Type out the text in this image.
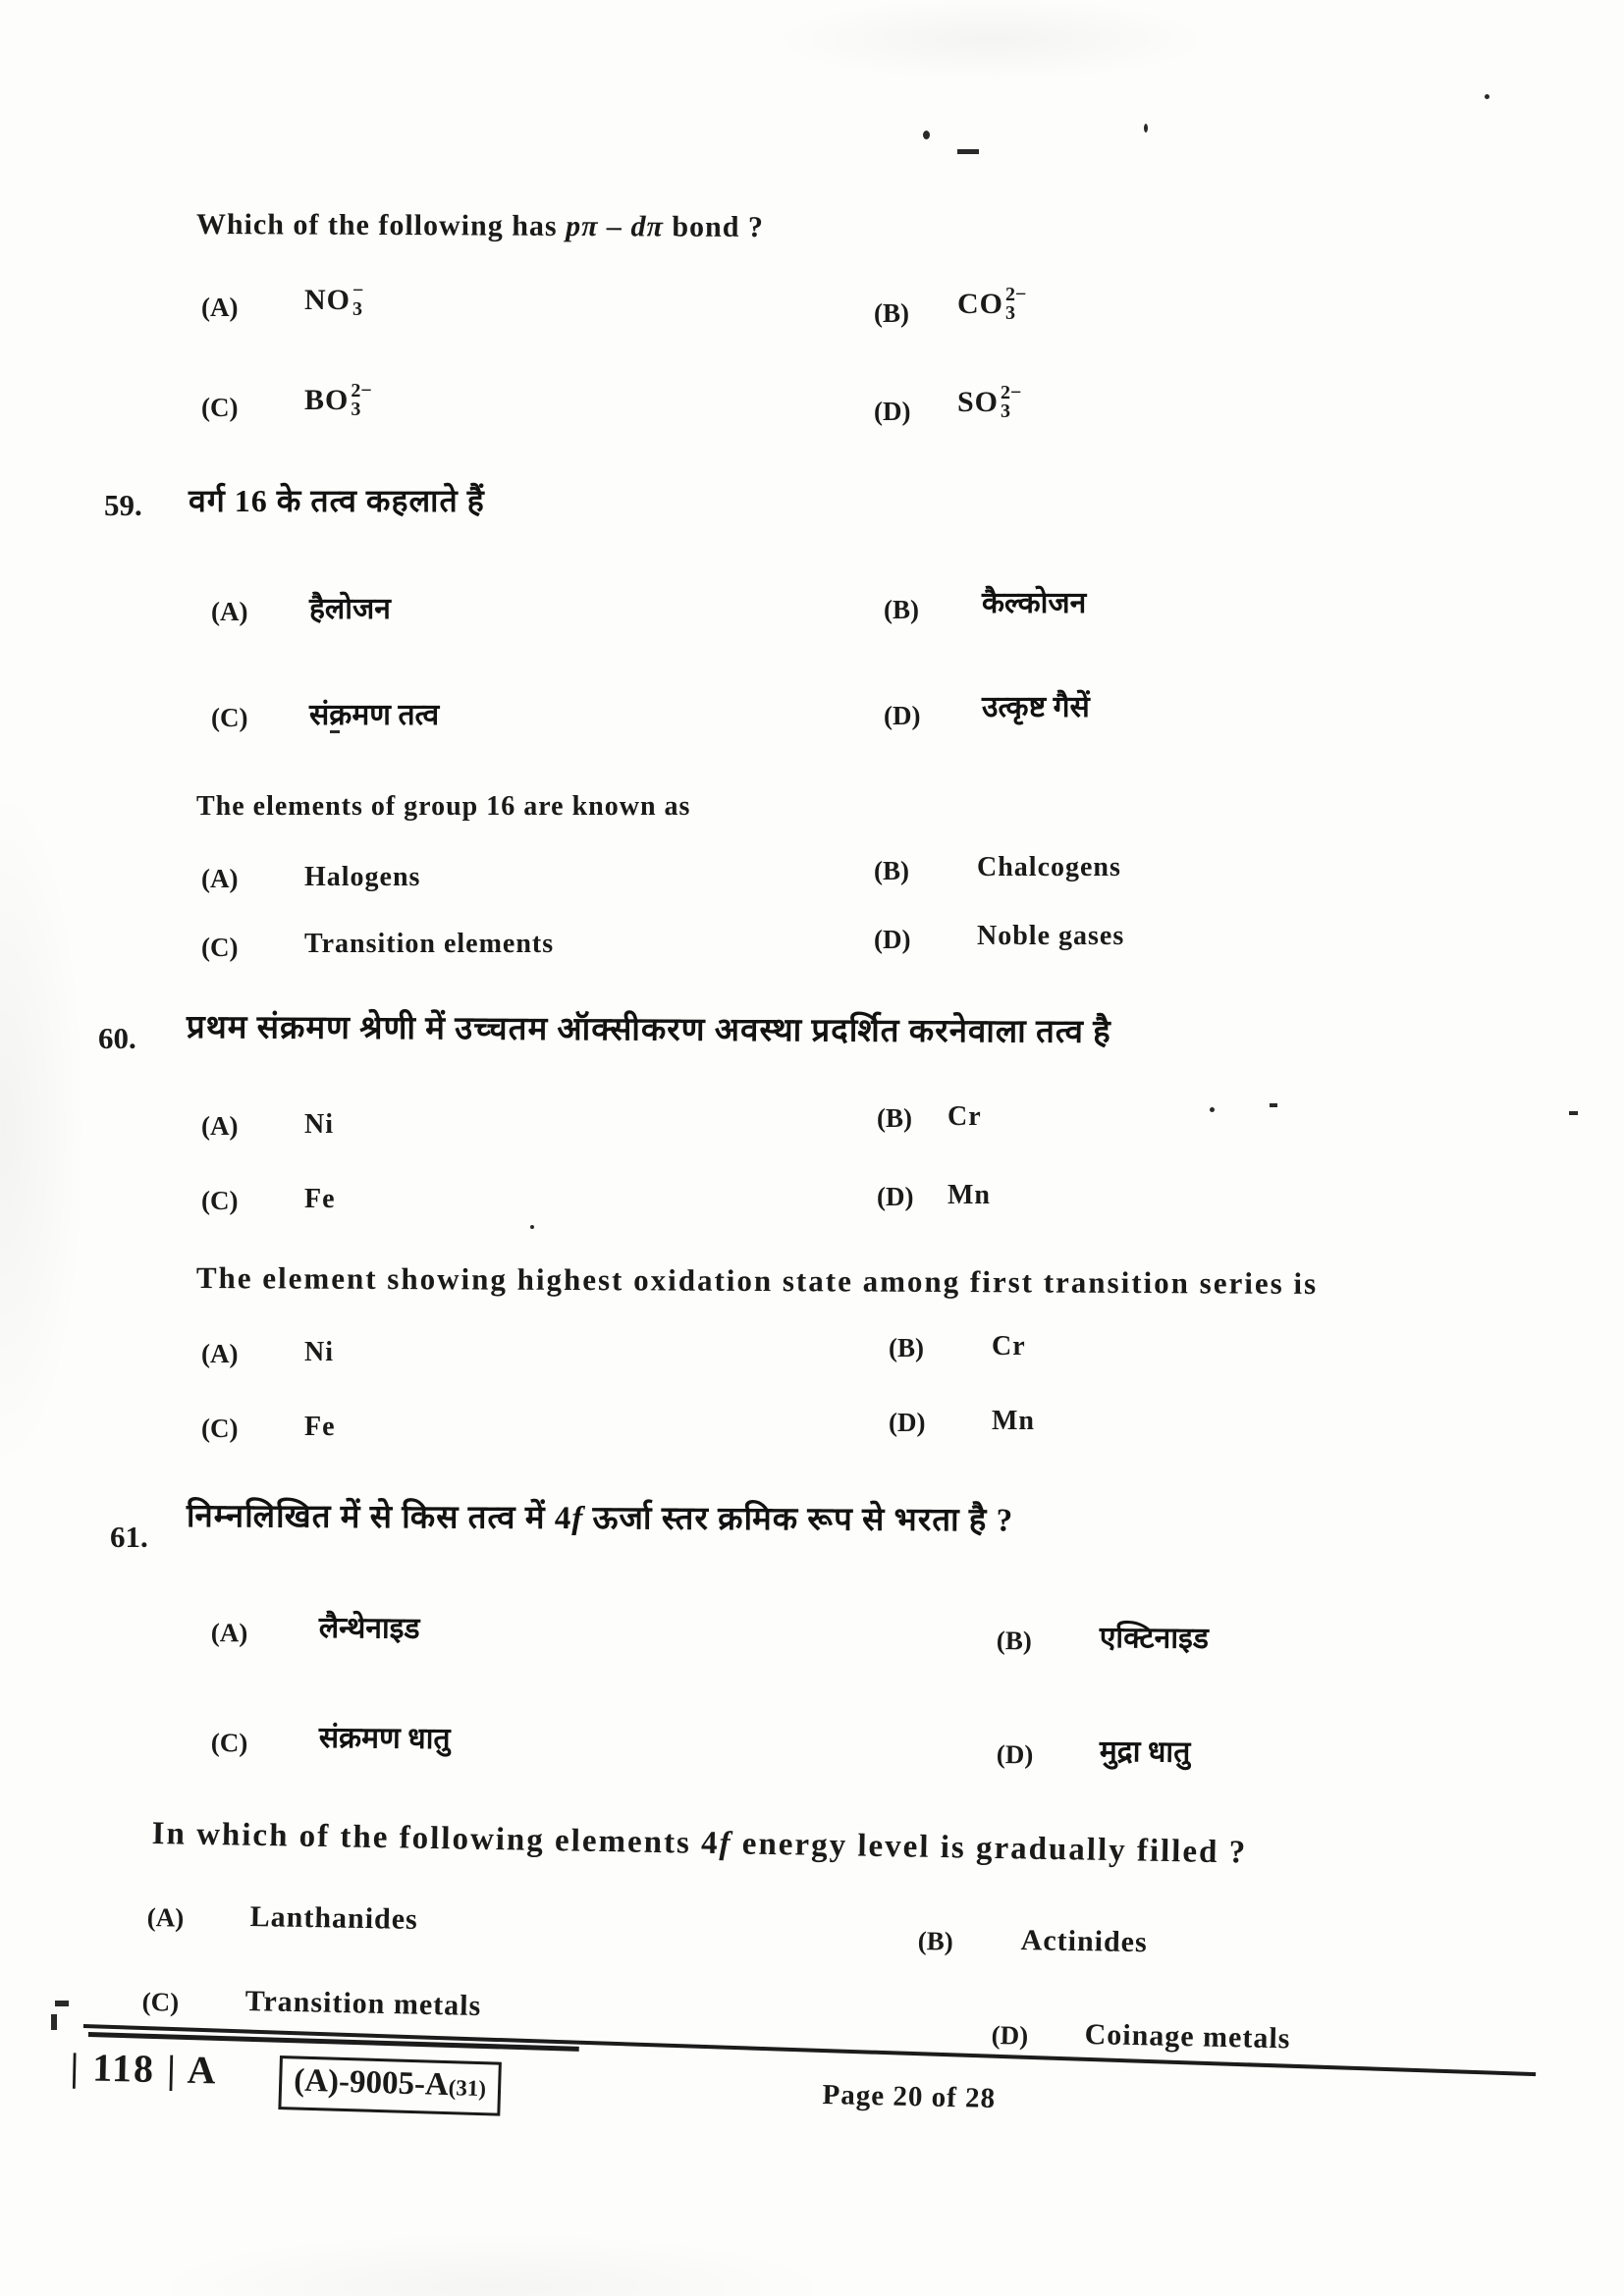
Which of the following has pπ – dπ bond ?
(A) NO −
3	(B) CO 2−
3
(C) BO 2−
3	(D) SO 2−
3
59. वर्ग 16 के तत्व कहलाते हैं
(A) हैलोजन	(B) कैल्कोजन
(C) संक्रमण तत्व	(D) उत्कृष्ट गैसें
The elements of group 16 are known as
(A) Halogens	(B) Chalcogens
(C) Transition elements	(D) Noble gases
60. प्रथम संक्रमण श्रेणी में उच्चतम ऑक्सीकरण अवस्था प्रदर्शित करनेवाला तत्व है
(A) Ni	(B) Cr
(C) Fe	(D) Mn
The element showing highest oxidation state among first transition series is
(A) Ni	(B) Cr
(C) Fe	(D) Mn
61.
निम्नलिखित में से किस तत्व में 4f ऊर्जा स्तर क्रमिक रूप से भरता है ?
(A) लैन्थेनाइड	(B) एक्टिनाइड
(C) संक्रमण धातु	(D) मुद्रा धातु
In which of the following elements 4f energy level is gradually filled ?
(A) Lanthanides
(B) Actinides
(C) Transition metals
(D) Coinage metals
| 118 | A	(A)-9005-A(31)	Page 20 of 28
